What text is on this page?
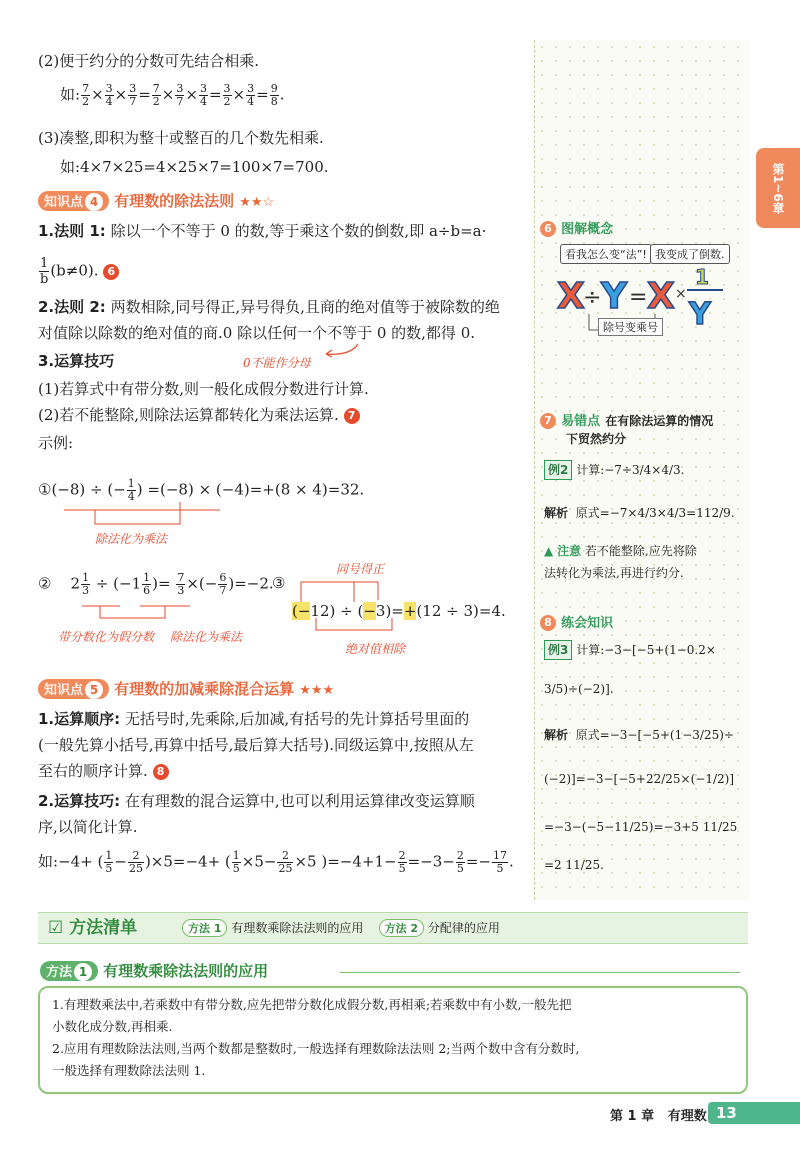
(2)便于约分的分数可先结合相乘.
如: $\frac{7}{2} \times \frac{3}{4} \times \frac{3}{7} = \frac{7}{2} \times \frac{3}{7} \times \frac{3}{4} = \frac{3}{2} \times \frac{3}{4} = \frac{9}{8}$ .
(3)凑整,即积为整十或整百的几个数先相乘.
如:4×7×25=4×25×7=100×7=700.
知识点 4 有理数的除法法则 ★★☆
1.法则 1: 除以一个不等于 0 的数,等于乘这个数的倒数,即 a÷b=a·
$\frac{1}{b} (b\ne 0)$. 6
2.法则 2: 两数相除,同号得正,异号得负,且商的绝对值等于被除数的绝
对值除以除数的绝对值的商.0 除以任何一个不等于 0 的数,都得 0.
3.运算技巧	0不能作分母
(1)若算式中有带分数,则一般化成假分数进行计算.
(2)若不能整除,则除法运算都转化为乘法运算. 7
示例:
①(−8) ÷ (− $\frac{1}{4}$ ) =(−8) × (−4)=+(8 × 4)=32.
除法化为乘法
②    $2 \frac{1}{3} \div (-1 \frac{1}{6}$ )= $\frac{7}{3}$ ×(− $\frac{6}{7} )=-2$.
带分数化为假分数 除法化为乘法
③
同号得正
(−12) ÷ (−3)=+(12 ÷ 3)=4.
绝对值相除
知识点 5 有理数的加减乘除混合运算 ★★★
1.运算顺序: 无括号时,先乘除,后加减,有括号的先计算括号里面的
(一般先算小括号,再算中括号,最后算大括号).同级运算中,按照从左
至右的顺序计算. 8
2.运算技巧: 在有理数的混合运算中,也可以利用运算律改变运算顺
序,以简化计算.
如:−4+ ( $\frac{1}{5} - \frac{2}{25} )\times 5=-4+$ ( $\frac{1}{5} \times 5- \frac{2}{25} \times 5$ )$=-4+1- \frac{2}{5} =-3- \frac{2}{5} =- \frac{17}{5}$ .
第1~6章
6 图解概念
看我怎么变“法”! 我变成了倒数.
X
÷ Y = X ×
1
Y
除号变乘号
7 易错点 在有除法运算的情况
下贸然约分
例2 计算:−7÷3/4×4/3.
解析 原式=−7×4/3×4/3=112/9.
▲ 注意 若不能整除,应先将除
法转化为乘法,再进行约分.
8 练会知识
例3 计算:−3−[−5+(1−0.2×
3/5)÷(−2)].
解析 原式=−3−[−5+(1−3/25)÷
(−2)]=−3−[−5+22/25×(−1/2)]
=−3−(−5−11/25)=−3+5 11/25
=2 11/25.
☑ 方法清单	方法 1 有理数乘除法法则的应用 方法 2 分配律的应用
方法 1 有理数乘除法法则的应用
1.有理数乘法中,若乘数中有带分数,应先把带分数化成假分数,再相乘;若乘数中有小数,一般先把
小数化成分数,再相乘.
2.应用有理数除法法则,当两个数都是整数时,一般选择有理数除法法则 2;当两个数中含有分数时,
一般选择有理数除法法则 1.
第 1 章 有理数 13
